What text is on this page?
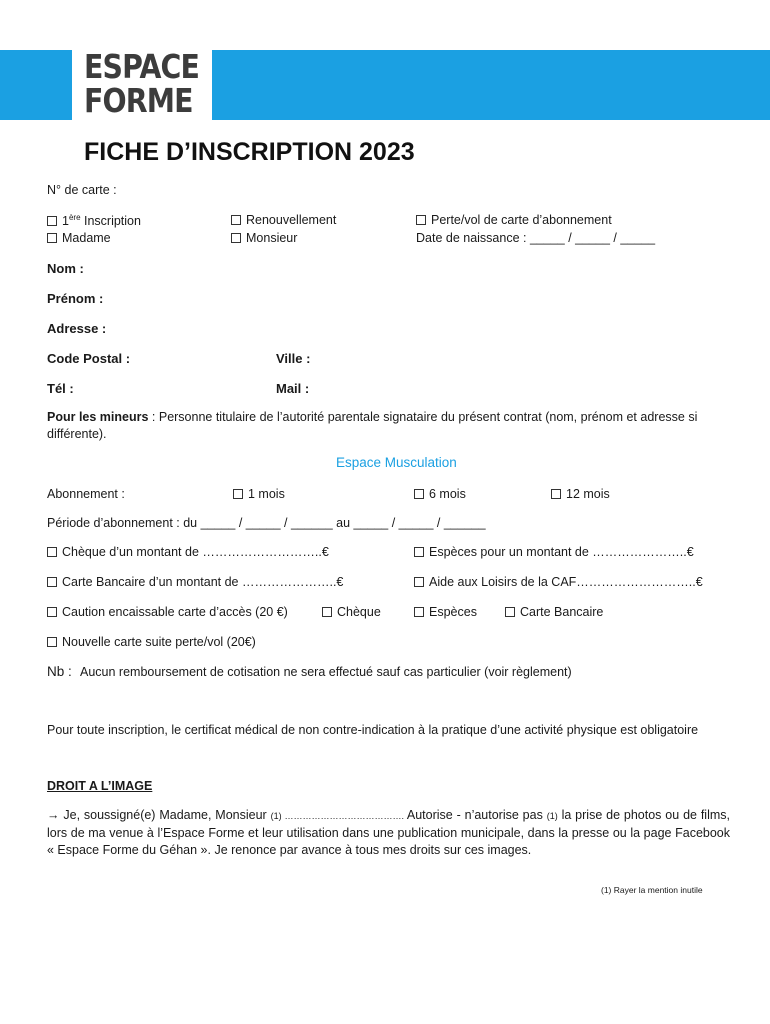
ESPACE
FORME
FICHE D’INSCRIPTION 2023
N° de carte :
1ère Inscription	Renouvellement	Perte/vol de carte d’abonnement
Madame	Monsieur	Date de naissance : _____ / _____ / _____
Nom :
Prénom :
Adresse :
Code Postal :	Ville :
Tél :	Mail :
Pour les mineurs : Personne titulaire de l’autorité parentale signataire du présent contrat (nom, prénom et adresse si différente).
Espace Musculation
Abonnement :	1 mois	6 mois	12 mois
Période d’abonnement : du _____ / _____ / ______ au _____ / _____ / ______
Chèque d’un montant de ………………………..€	Espèces pour un montant de …………………..€
Carte Bancaire d’un montant de …………………..€	Aide aux Loisirs de la CAF………………………..€
Caution encaissable carte d’accès (20 €)	Chèque	Espèces	Carte Bancaire
Nouvelle carte suite perte/vol (20€)
Nb : Aucun remboursement de cotisation ne sera effectué sauf cas particulier (voir règlement)
Pour toute inscription, le certificat médical de non contre-indication à la pratique d’une activité physique est obligatoire
DROIT A L’IMAGE
→ Je, soussigné(e) Madame, Monsieur (1) …………………………………. Autorise - n’autorise pas (1) la prise de photos ou de films, lors de ma venue à l’Espace Forme et leur utilisation dans une publication municipale, dans la presse ou la page Facebook « Espace Forme du Géhan ». Je renonce par avance à tous mes droits sur ces images.
(1) Rayer la mention inutile
